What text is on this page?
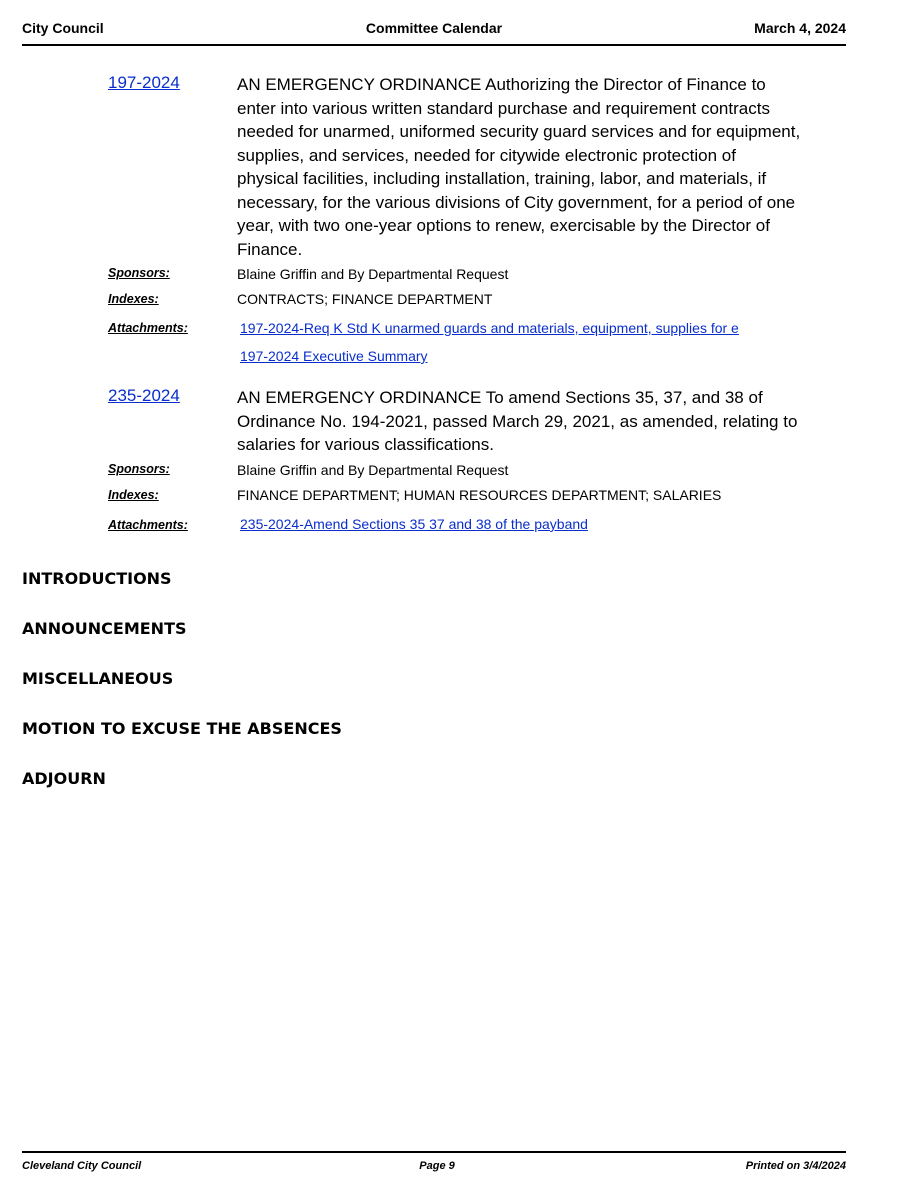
City Council	Committee Calendar	March 4, 2024
197-2024	AN EMERGENCY ORDINANCE Authorizing the Director of Finance to enter into various written standard purchase and requirement contracts needed for unarmed, uniformed security guard services and for equipment, supplies, and services, needed for citywide electronic protection of physical facilities, including installation, training, labor, and materials, if necessary, for the various divisions of City government, for a period of one year, with two one-year options to renew, exercisable by the Director of Finance.
Sponsors:	Blaine Griffin and By Departmental Request
Indexes:	CONTRACTS; FINANCE DEPARTMENT
Attachments:	197-2024-Req K Std K unarmed guards and materials, equipment, supplies for e
197-2024 Executive Summary
235-2024	AN EMERGENCY ORDINANCE To amend Sections 35, 37, and 38 of Ordinance No. 194-2021, passed March 29, 2021, as amended, relating to salaries for various classifications.
Sponsors:	Blaine Griffin and By Departmental Request
Indexes:	FINANCE DEPARTMENT; HUMAN RESOURCES DEPARTMENT; SALARIES
Attachments:	235-2024-Amend Sections 35 37 and 38 of the payband
INTRODUCTIONS
ANNOUNCEMENTS
MISCELLANEOUS
MOTION TO EXCUSE THE ABSENCES
ADJOURN
Cleveland City Council	Page 9	Printed on 3/4/2024
